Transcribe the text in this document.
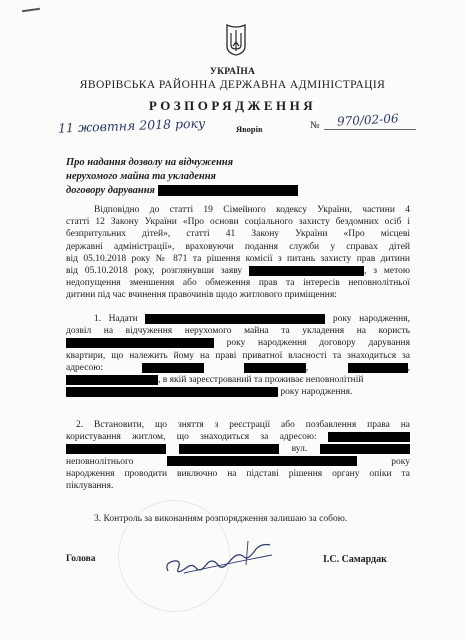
УКРАЇНА
ЯВОРІВСЬКА РАЙОННА ДЕРЖАВНА АДМІНІСТРАЦІЯ
РОЗПОРЯДЖЕННЯ
11 жовтня 2018 року	Яворів	№ 970/02-06
Про надання дозволу на відчуження
нерухомого майна та укладення
договору дарування
Відповідно до статті 19 Сімейного кодексу України, частини 4
статті 12 Закону України «Про основи соціального захисту бездомних осіб і
безпритульних дітей», статті 41 Закону України «Про місцеві
державні адміністрації», враховуючи подання служби у справах дітей
від 05.10.2018 року № 871 та рішення комісії з питань захисту прав дитини
від 05.10.2018 року, розглянувши заяву	, з метою
недопущення зменшення або обмеження прав та інтересів неповнолітньої
дитини під час вчинення правочинів щодо житлового приміщення:
1. Надати	року народження,
дозвіл на відчуження нерухомого майна та укладення на користь
року народження договору дарування
квартири, що належить йому на праві приватної власності та знаходиться за
адресою:	,	,
, в якій зареєстрований та проживає неповнолітній
року народження.
2. Встановити, що зняття з реєстрації або позбавлення права на
користування житлом, що знаходиться за адресою:
вул.
неповнолітнього	року
народження проводити виключно на підставі рішення органу опіки та
піклування.
3. Контроль за виконанням розпорядження залишаю за собою.
Голова	І.С. Самардак
